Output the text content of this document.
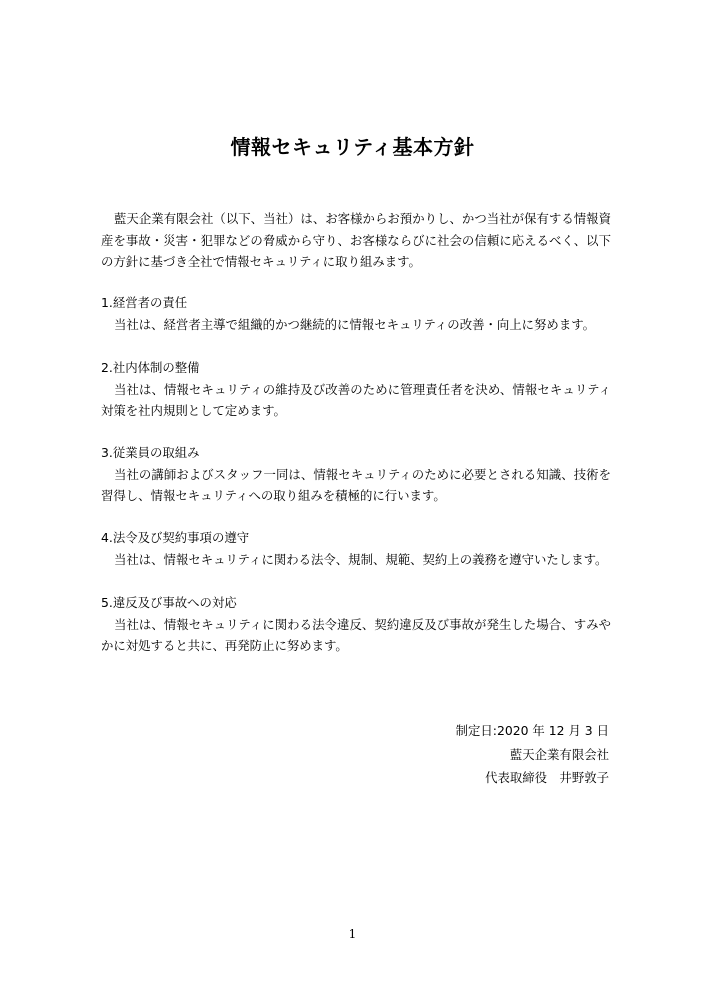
情報セキュリティ基本方針
藍天企業有限会社（以下、当社）は、お客様からお預かりし、かつ当社が保有する情報資産を事故・災害・犯罪などの脅威から守り、お客様ならびに社会の信頼に応えるべく、以下の方針に基づき全社で情報セキュリティに取り組みます。
1.経営者の責任
当社は、経営者主導で組織的かつ継続的に情報セキュリティの改善・向上に努めます。
2.社内体制の整備
当社は、情報セキュリティの維持及び改善のために管理責任者を決め、情報セキュリティ対策を社内規則として定めます。
3.従業員の取組み
当社の講師およびスタッフ一同は、情報セキュリティのために必要とされる知識、技術を習得し、情報セキュリティへの取り組みを積極的に行います。
4.法令及び契約事項の遵守
当社は、情報セキュリティに関わる法令、規制、規範、契約上の義務を遵守いたします。
5.違反及び事故への対応
当社は、情報セキュリティに関わる法令違反、契約違反及び事故が発生した場合、すみやかに対処すると共に、再発防止に努めます。
制定日:2020 年 12 月 3 日
藍天企業有限会社
代表取締役　井野敦子
1
